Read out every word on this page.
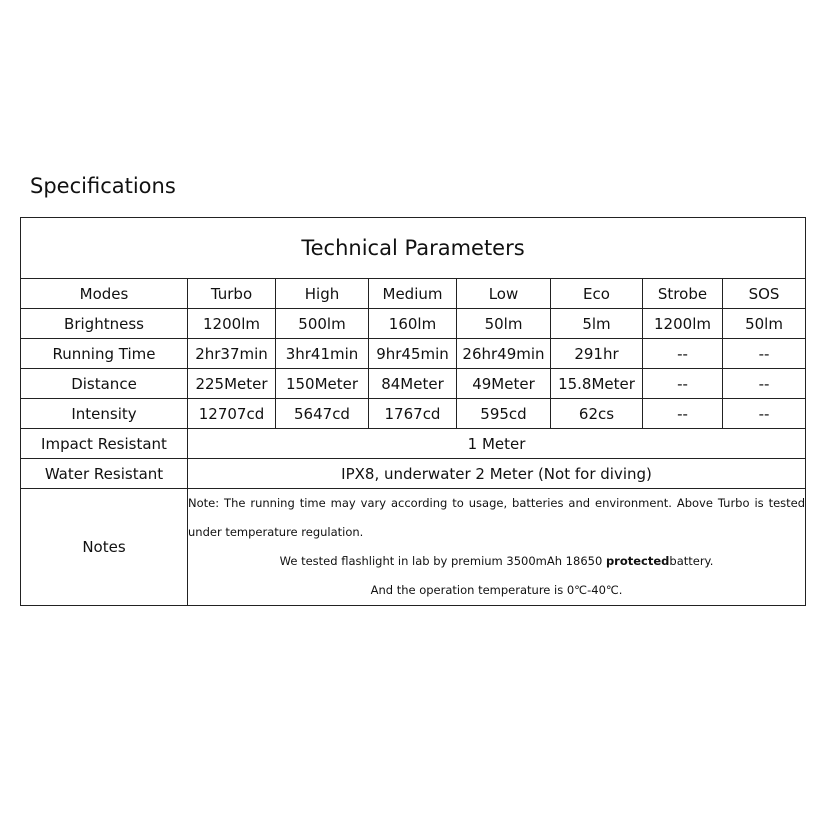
Specifications
Technical Parameters							
Modes	Turbo	High	Medium	Low	Eco	Strobe	SOS
Brightness	1200lm	500lm	160lm	50lm	5lm	1200lm	50lm
Running Time	2hr37min	3hr41min	9hr45min	26hr49min	291hr	--	--
Distance	225Meter	150Meter	84Meter	49Meter	15.8Meter	--	--
Intensity	12707cd	5647cd	1767cd	595cd	62cs	--	--
Impact Resistant	1 Meter						
Water Resistant	IPX8, underwater 2 Meter (Not for diving)						
Notes	Note: The running time may vary according to usage, batteries and environment. Above Turbo is tested under temperature regulation.

We tested flashlight in lab by premium 3500mAh 18650 protectedbattery.

And the operation temperature is 0℃-40℃.						
